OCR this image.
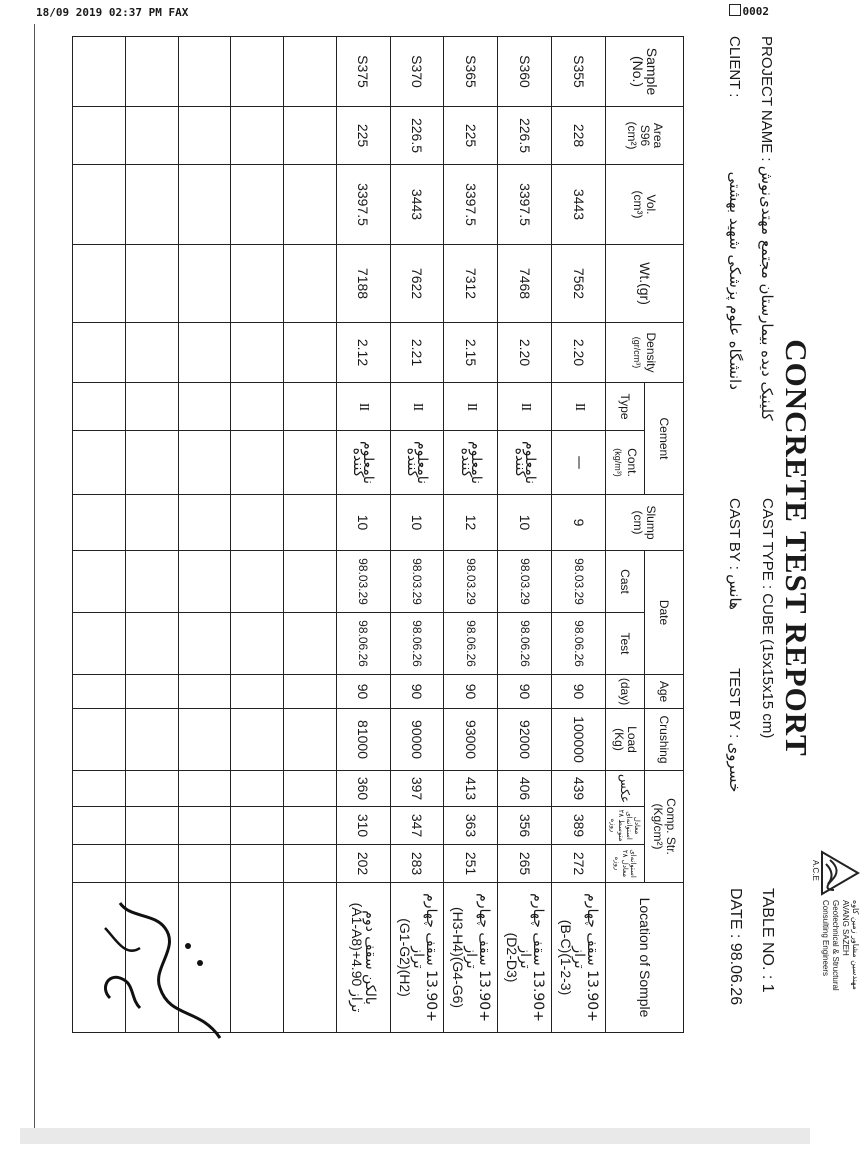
18/09 2019 02:37 PM FAX	0002
CONCRETE TEST REPORT
PROJECT NAME : کلینیک دیده بیمارستان مجتمع‌ مهتدی‌نوش‌
CAST TYPE : CUBE (15x15x15 cm)
TABLE NO. : 1
CLIENT : دانشگاه علوم پزشکی شهید بهشتی
CAST BY : هانس
TEST BY : خسروی
DATE : 98.06.26	مهندسین مشاور زمین کاوه
AVANG SAZEH
Geotechnical & Structural
Consulting Engineers
A.C.E
Sample
(No.)	Area
S96
(cm²)	Vol.
(cm³)	Wt.(gr)	Density
(gr/cm³)	Cement		Slump
(cm)	Date		Age	Crushing	Comp. Str.
(Kg/cm²)			Location of Somple
					Type	Cont.
(kg/m³)		Cast	Test	(day)	Load
(Kg)	عکس	معادل استوانه‌ای متوسط ۲۸ روزه	استوانه‌ای معادل ۲۸ روزه	
S355	228	3443	7562	2.20	II	—	9	98.03.29	98.06.26	90	100000	439	389	272	+13.90 سقف چهارم تراز
(B-C)(1-2-3)

S360	226.5	3397.5	7468	2.20	II	نامعلوم کننده	10	98.03.29	98.06.26	90	92000	406	356	265	+13.90 سقف چهارم تراز
(D2-D3)

S365	225	3397.5	7312	2.15	II	نامعلوم کننده	12	98.03.29	98.06.26	90	93000	413	363	251	+13.90 سقف چهارم تراز
(H3-H4)(G4-G6)

S370	226.5	3443	7622	2.21	II	نامعلوم کننده	10	98.03.29	98.06.26	90	90000	397	347	283	+13.90 سقف چهارم تراز
(G1-G2)(H2)

S375	225	3397.5	7188	2.12	II	نامعلوم کننده	10	98.03.29	98.06.26	90	81000	360	310	202	بالکن سقف دوم
(A1-A8)+4.90 تراز
